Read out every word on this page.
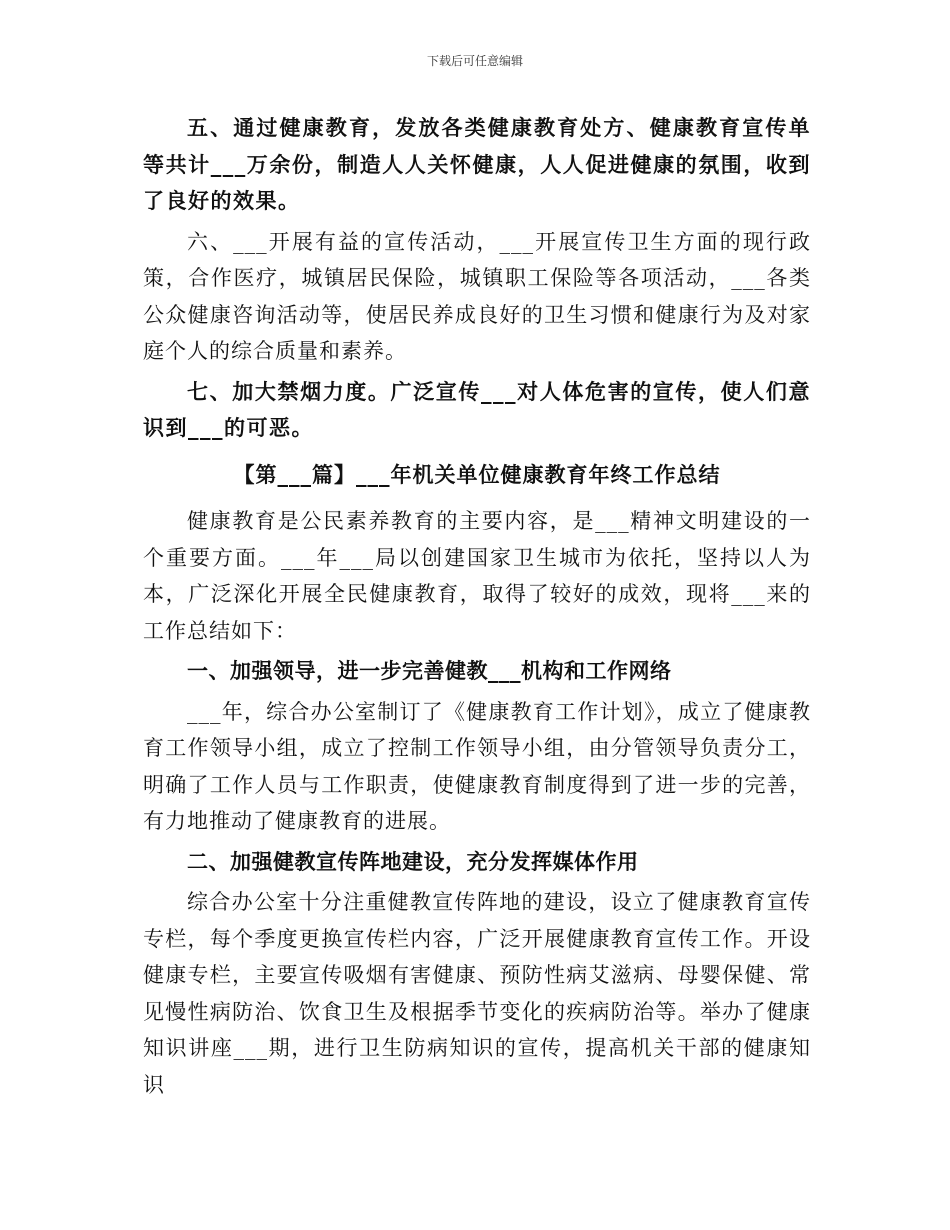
下载后可任意编辑

五、通过健康教育，发放各类健康教育处方、健康教育宣传单等共计___万余份，制造人人关怀健康，人人促进健康的氛围，收到了良好的效果。

六、___开展有益的宣传活动，___开展宣传卫生方面的现行政策，合作医疗，城镇居民保险，城镇职工保险等各项活动，___各类公众健康咨询活动等，使居民养成良好的卫生习惯和健康行为及对家庭个人的综合质量和素养。

七、加大禁烟力度。广泛宣传___对人体危害的宣传，使人们意识到___的可恶。

【第___篇】___年机关单位健康教育年终工作总结

健康教育是公民素养教育的主要内容，是___精神文明建设的一个重要方面。___年___局以创建国家卫生城市为依托，坚持以人为本，广泛深化开展全民健康教育，取得了较好的成效，现将___来的工作总结如下：

一、加强领导，进一步完善健教___机构和工作网络

___年，综合办公室制订了《健康教育工作计划》，成立了健康教育工作领导小组，成立了控制工作领导小组，由分管领导负责分工，明确了工作人员与工作职责，使健康教育制度得到了进一步的完善，有力地推动了健康教育的进展。

二、加强健教宣传阵地建设，充分发挥媒体作用

综合办公室十分注重健教宣传阵地的建设，设立了健康教育宣传专栏，每个季度更换宣传栏内容，广泛开展健康教育宣传工作。开设健康专栏，主要宣传吸烟有害健康、预防性病艾滋病、母婴保健、常见慢性病防治、饮食卫生及根据季节变化的疾病防治等。举办了健康知识讲座___期，进行卫生防病知识的宣传，提高机关干部的健康知识
